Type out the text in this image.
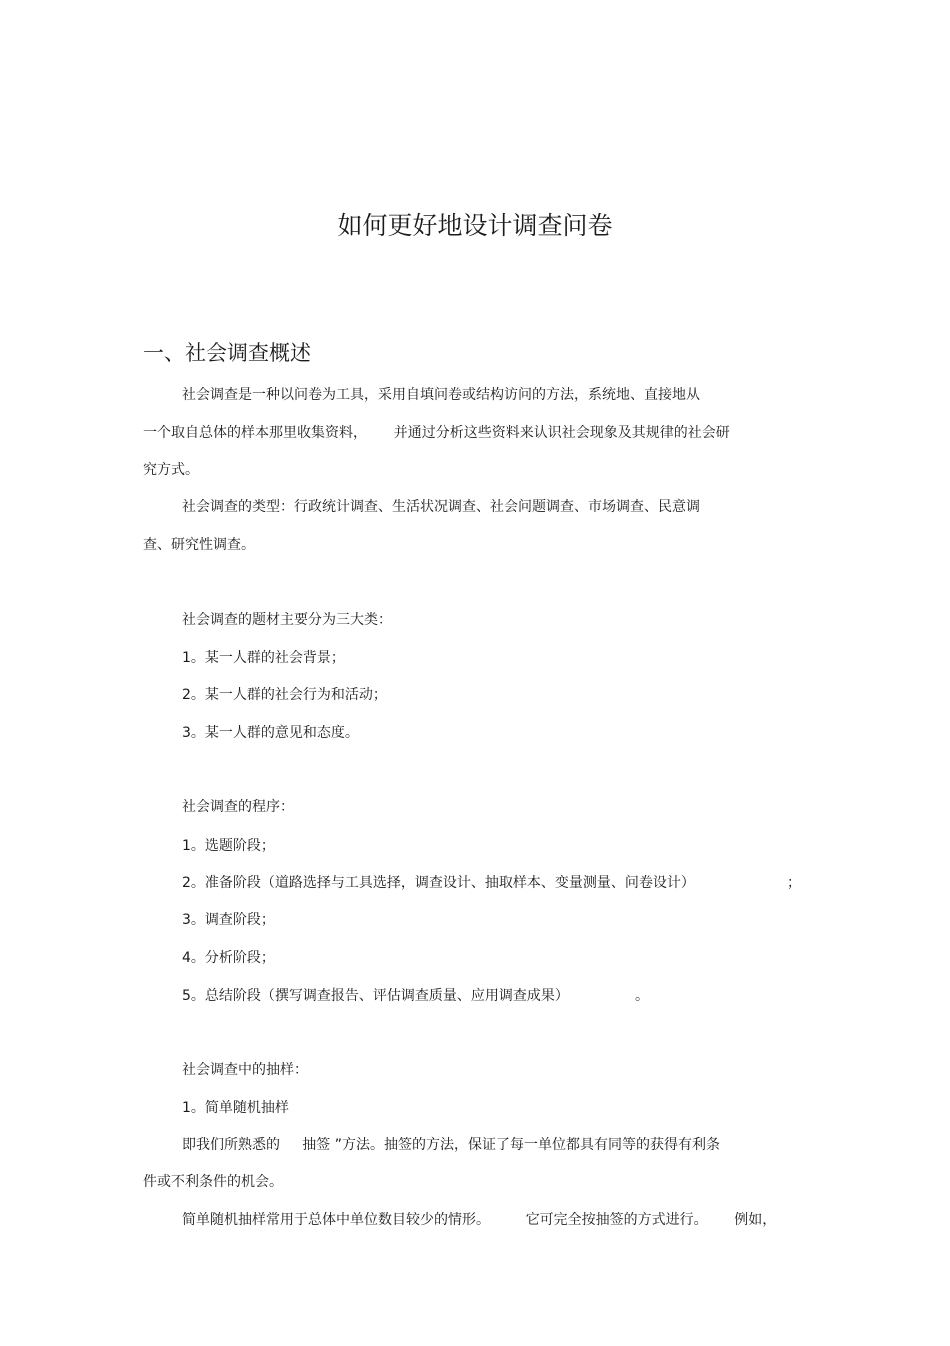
如何更好地设计调查问卷
一、社会调查概述

社会调查是一种以问卷为工具，采用自填问卷或结构访问的方法，系统地、直接地从

一个取自总体的样本那里收集资料，      并通过分析这些资料来认识社会现象及其规律的社会研

究方式。

社会调查的类型：行政统计调查、生活状况调查、社会问题调查、市场调查、民意调

查、研究性调查。

社会调查的题材主要分为三大类：

1。某一人群的社会背景；

2。某一人群的社会行为和活动；

3。某一人群的意见和态度。

社会调查的程序：

1。选题阶段；

2。准备阶段（道路选择与工具选择，调查设计、抽取样本、变量测量、问卷设计）	；

3。调查阶段；

4。分析阶段；

5。总结阶段（撰写调查报告、评估调查质量、应用调查成果）	。

社会调查中的抽样：

1。简单随机抽样

即我们所熟悉的     抽签 ”方法。抽签的方法，保证了每一单位都具有同等的获得有利条

件或不利条件的机会。

简单随机抽样常用于总体中单位数目较少的情形。        它可完全按抽签的方式进行。      例如，
